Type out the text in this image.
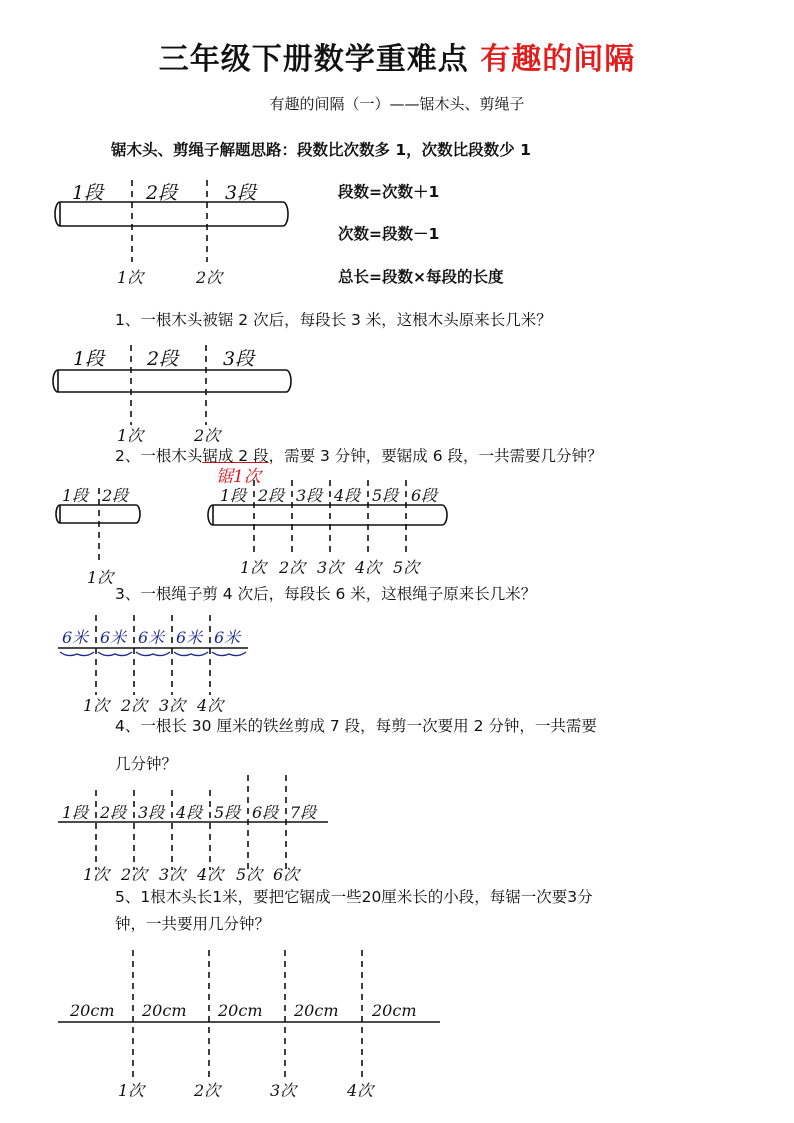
三年级下册数学重难点 有趣的间隔
有趣的间隔（一）——锯木头、剪绳子
锯木头、剪绳子解题思路：段数比次数多 1，次数比段数少 1
段数=次数＋1
次数=段数－1
总长=段数×每段的长度
1段 2段	3段
1次	2次
1、一根木头被锯 2 次后，每段长 3 米，这根木头原来长几米？
1段 2段 3段
1次	2次
2、一根木头锯成 2 段，需要 3 分钟，要锯成 6 段，一共需要几分钟？
锯1次
1段 2段
1次
1段 2段 3段 4段 5段 6段
1次 2次 3次 4次 5次
3、一根绳子剪 4 次后，每段长 6 米，这根绳子原来长几米？
6米 6米 6米 6米 6米
1次 2次 3次 4次
4、一根长 30 厘米的铁丝剪成 7 段，每剪一次要用 2 分钟，一共需要
几分钟？
1段 2段 3段 4段 5段 6段 7段
1次 2次 3次 4次 5次 6次
5、1根木头长1米，要把它锯成一些20厘米长的小段，每锯一次要3分
钟，一共要用几分钟？
20cm 20cm 20cm 20cm 20cm
1次	2次	3次	4次
